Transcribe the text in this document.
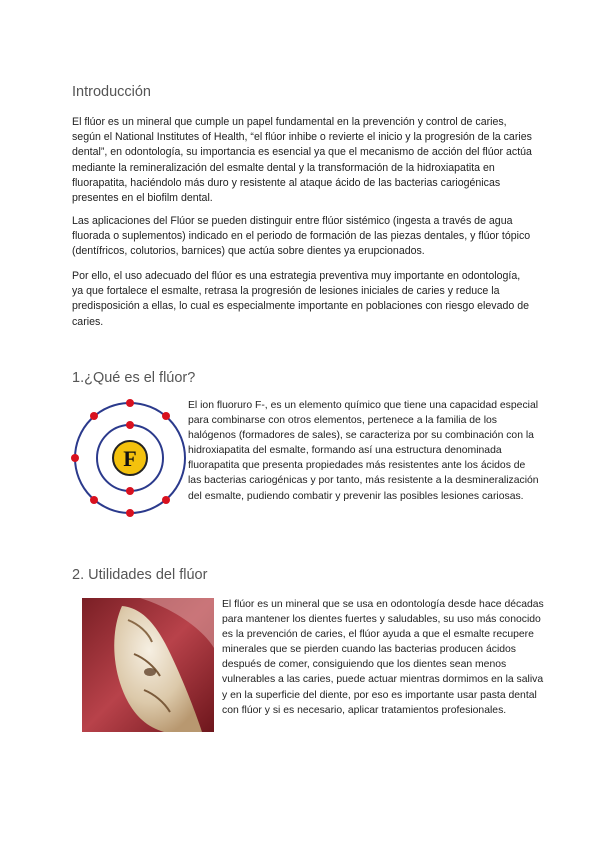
Introducción

El flúor es un mineral que cumple un papel fundamental en la prevención y control de caries, según el National Institutes of Health, “el flúor inhibe o revierte el inicio y la progresión de la caries dental”, en odontología, su importancia es esencial ya que el mecanismo de acción del flúor actúa mediante la remineralización del esmalte dental y la transformación de la hidroxiapatita en fluorapatita, haciéndolo más duro y resistente al ataque ácido de las bacterias cariogénicas presentes en el biofilm dental.

Las aplicaciones del Flúor se pueden distinguir entre flúor sistémico (ingesta a través de agua fluorada o suplementos) indicado en el periodo de formación de las piezas dentales, y flúor tópico (dentífricos, colutorios, barnices) que actúa sobre dientes ya erupcionados.

Por ello, el uso adecuado del flúor es una estrategia preventiva muy importante en odontología, ya que fortalece el esmalte, retrasa la progresión de lesiones iniciales de caries y reduce la predisposición a ellas, lo cual es especialmente importante en poblaciones con riesgo elevado de caries.

1.¿Qué es el flúor?
F

El ion fluoruro F-, es un elemento químico que tiene una capacidad especial para combinarse con otros elementos, pertenece a la familia de los halógenos (formadores de sales), se caracteriza por su combinación con la hidroxiapatita del esmalte, formando así una estructura denominada fluorapatita que presenta propiedades más resistentes ante los ácidos de las bacterias cariogénicas y por tanto, más resistente a la desmineralización del esmalte, pudiendo combatir y prevenir las posibles lesiones cariosas.

2. Utilidades del flúor

El flúor es un mineral que se usa en odontología desde hace décadas para mantener los dientes fuertes y saludables, su uso más conocido es la prevención de caries, el flúor ayuda a que el esmalte recupere minerales que se pierden cuando las bacterias producen ácidos después de comer, consiguiendo que los dientes sean menos vulnerables a las caries, puede actuar mientras dormimos en la saliva y en la superficie del diente, por eso es importante usar pasta dental con flúor y si es necesario, aplicar tratamientos profesionales.
